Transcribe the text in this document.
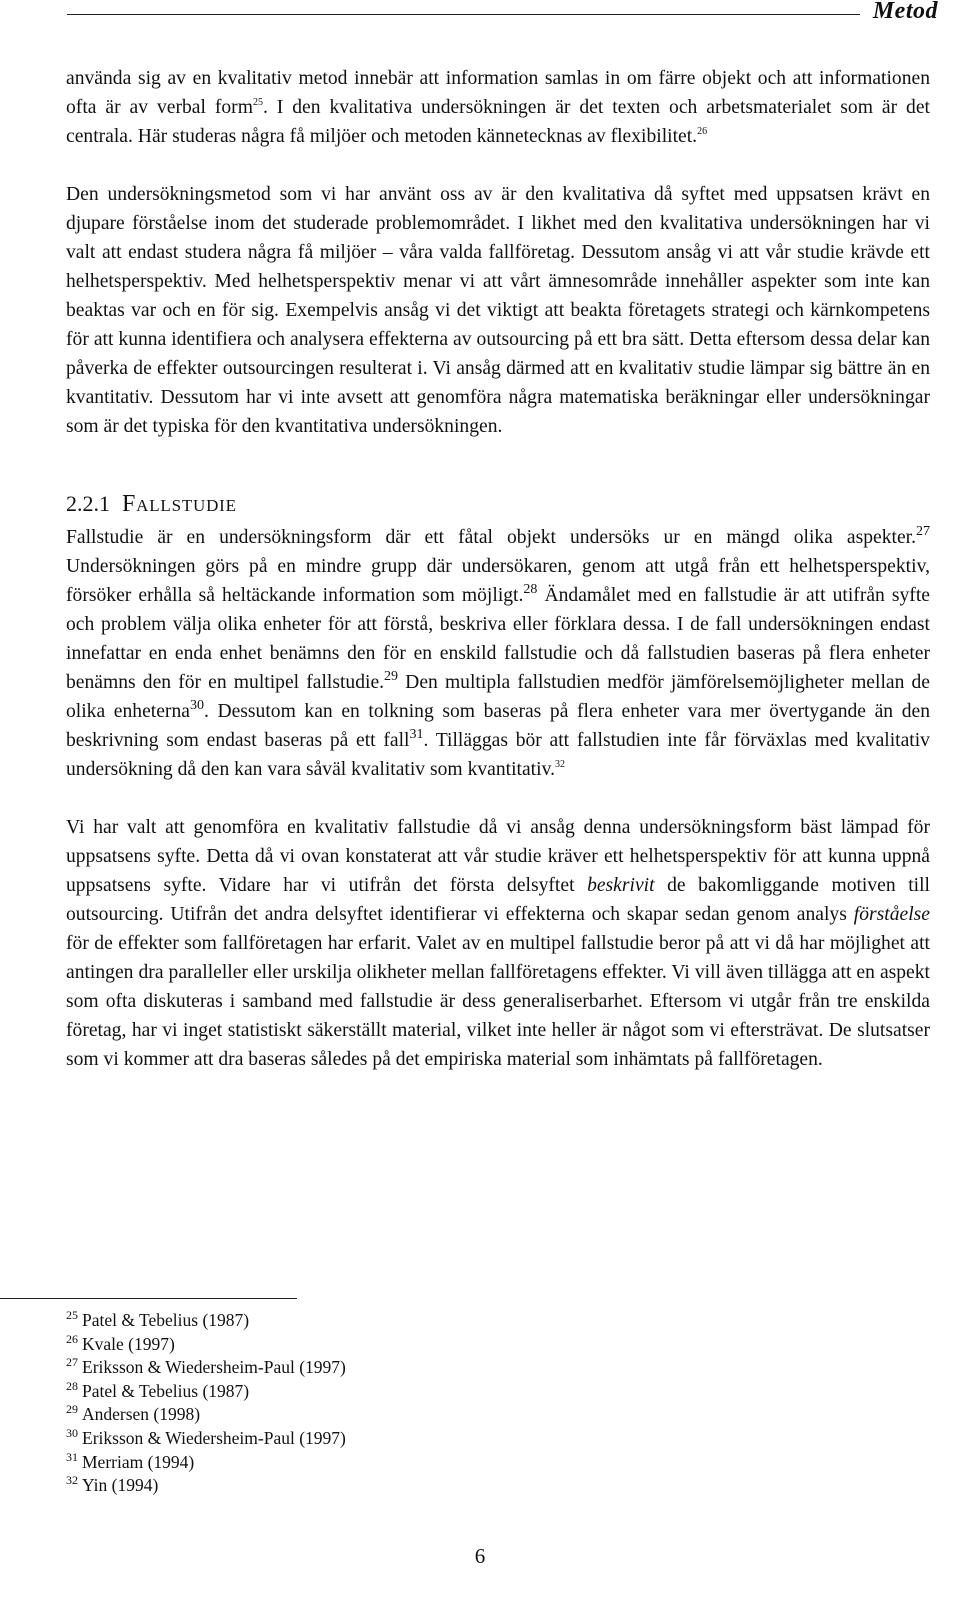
Metod

använda sig av en kvalitativ metod innebär att information samlas in om färre objekt och att informationen ofta är av verbal form$^{25}$. I den kvalitativa undersökningen är det texten och arbetsmaterialet som är det centrala. Här studeras några få miljöer och metoden kännetecknas av flexibilitet.$^{26}$

Den undersökningsmetod som vi har använt oss av är den kvalitativa då syftet med uppsatsen krävt en djupare förståelse inom det studerade problemområdet. I likhet med den kvalitativa undersökningen har vi valt att endast studera några få miljöer – våra valda fallföretag. Dessutom ansåg vi att vår studie krävde ett helhetsperspektiv. Med helhetsperspektiv menar vi att vårt ämnesområde innehåller aspekter som inte kan beaktas var och en för sig. Exempelvis ansåg vi det viktigt att beakta företagets strategi och kärnkompetens för att kunna identifiera och analysera effekterna av outsourcing på ett bra sätt. Detta eftersom dessa delar kan påverka de effekter outsourcingen resulterat i. Vi ansåg därmed att en kvalitativ studie lämpar sig bättre än en kvantitativ. Dessutom har vi inte avsett att genomföra några matematiska beräkningar eller undersökningar som är det typiska för den kvantitativa undersökningen.

2.2.1 Fallstudie

Fallstudie är en undersökningsform där ett fåtal objekt undersöks ur en mängd olika aspekter.$^{27}$ Undersökningen görs på en mindre grupp där undersökaren, genom att utgå från ett helhetsperspektiv, försöker erhålla så heltäckande information som möjligt.$^{28}$ Ändamålet med en fallstudie är att utifrån syfte och problem välja olika enheter för att förstå, beskriva eller förklara dessa. I de fall undersökningen endast innefattar en enda enhet benämns den för en enskild fallstudie och då fallstudien baseras på flera enheter benämns den för en multipel fallstudie.$^{29}$ Den multipla fallstudien medför jämförelsemöjligheter mellan de olika enheterna$^{30}$. Dessutom kan en tolkning som baseras på flera enheter vara mer övertygande än den beskrivning som endast baseras på ett fall$^{31}$. Tilläggas bör att fallstudien inte får förväxlas med kvalitativ undersökning då den kan vara såväl kvalitativ som kvantitativ.$^{32}$

Vi har valt att genomföra en kvalitativ fallstudie då vi ansåg denna undersökningsform bäst lämpad för uppsatsens syfte. Detta då vi ovan konstaterat att vår studie kräver ett helhetsperspektiv för att kunna uppnå uppsatsens syfte. Vidare har vi utifrån det första delsyftet beskrivit de bakomliggande motiven till outsourcing. Utifrån det andra delsyftet identifierar vi effekterna och skapar sedan genom analys förståelse för de effekter som fallföretagen har erfarit. Valet av en multipel fallstudie beror på att vi då har möjlighet att antingen dra paralleller eller urskilja olikheter mellan fallföretagens effekter. Vi vill även tillägga att en aspekt som ofta diskuteras i samband med fallstudie är dess generaliserbarhet. Eftersom vi utgår från tre enskilda företag, har vi inget statistiskt säkerställt material, vilket inte heller är något som vi eftersträvat. De slutsatser som vi kommer att dra baseras således på det empiriska material som inhämtats på fallföretagen.

$^{25}$ Patel & Tebelius (1987)
$^{26}$ Kvale (1997)
$^{27}$ Eriksson & Wiedersheim-Paul (1997)
$^{28}$ Patel & Tebelius (1987)
$^{29}$ Andersen (1998)
$^{30}$ Eriksson & Wiedersheim-Paul (1997)
$^{31}$ Merriam (1994)
$^{32}$ Yin (1994)
6
